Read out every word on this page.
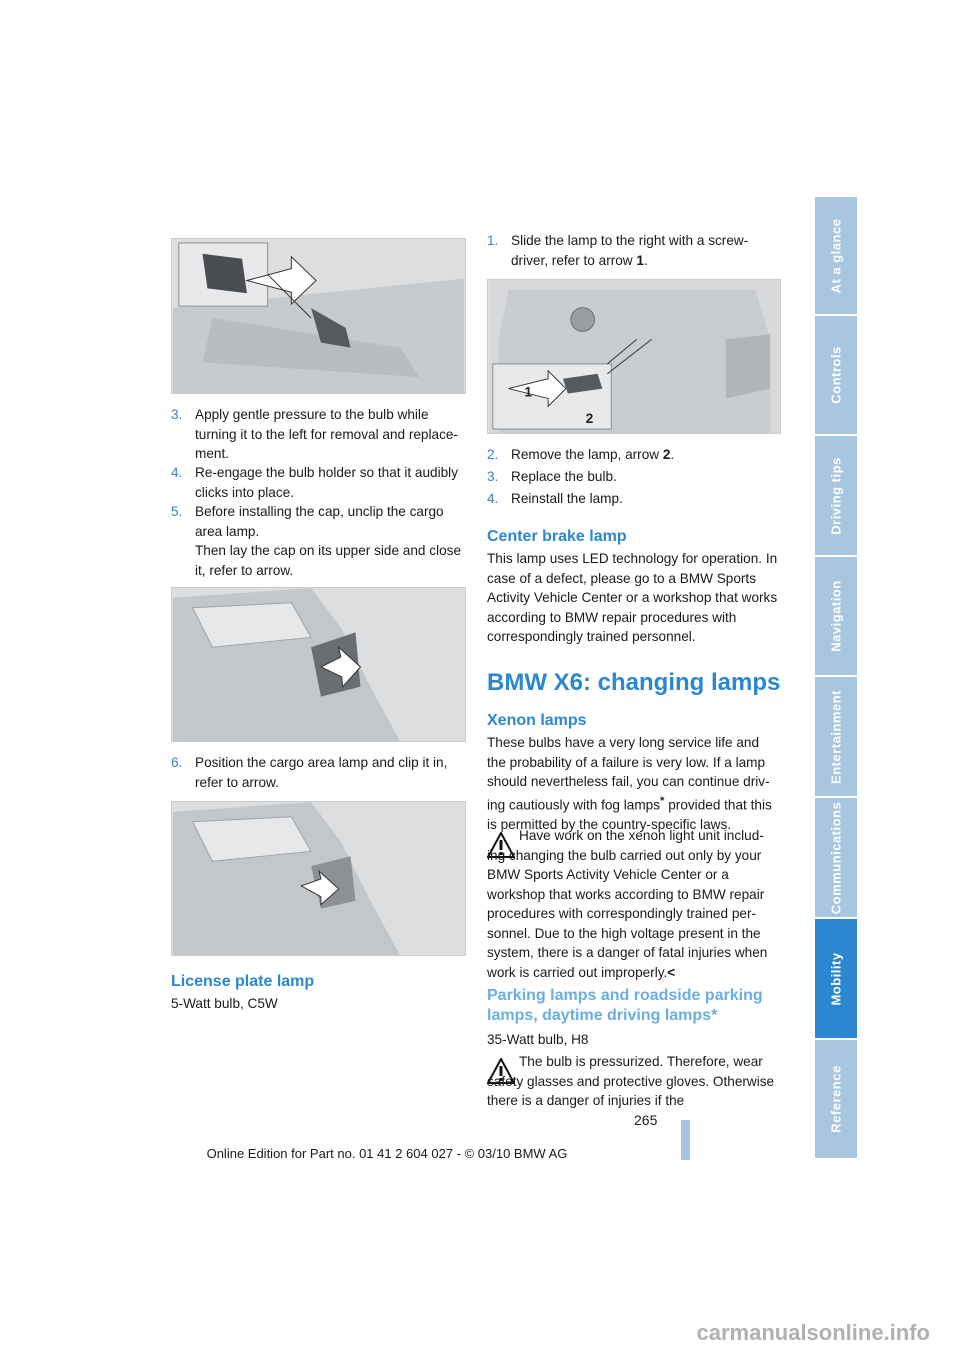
1
2
3. Apply gentle pressure to the bulb while turning it to the left for removal and replace-ment.
4. Re-engage the bulb holder so that it audibly clicks into place.
5. Before installing the cap, unclip the cargo area lamp.
Then lay the cap on its upper side and close it, refer to arrow.
6. Position the cargo area lamp and clip it in, refer to arrow.
License plate lamp
5-Watt bulb, C5W
1. Slide the lamp to the right with a screw-driver, refer to arrow 1.
2. Remove the lamp, arrow 2.
3. Replace the bulb.
4. Reinstall the lamp.
Center brake lamp
This lamp uses LED technology for operation. In case of a defect, please go to a BMW Sports Activity Vehicle Center or a workshop that works according to BMW repair procedures with correspondingly trained personnel.
BMW X6: changing lamps
Xenon lamps
These bulbs have a very long service life and the probability of a failure is very low. If a lamp should nevertheless fail, you can continue driv-ing cautiously with fog lamps* provided that this is permitted by the country-specific laws.
Have work on the xenon light unit includ-ing changing the bulb carried out only by your BMW Sports Activity Vehicle Center or a workshop that works according to BMW repair procedures with correspondingly trained per-sonnel. Due to the high voltage present in the system, there is a danger of fatal injuries when work is carried out improperly.<
Parking lamps and roadside parking lamps, daytime driving lamps*
35-Watt bulb, H8
The bulb is pressurized. Therefore, wear safety glasses and protective gloves. Otherwise there is a danger of injuries if the
At a glance
Controls
Driving tips
Navigation
Entertainment
Communications
Mobility
Reference
265
Online Edition for Part no. 01 41 2 604 027 - © 03/10 BMW AG
carmanualsonline.info
